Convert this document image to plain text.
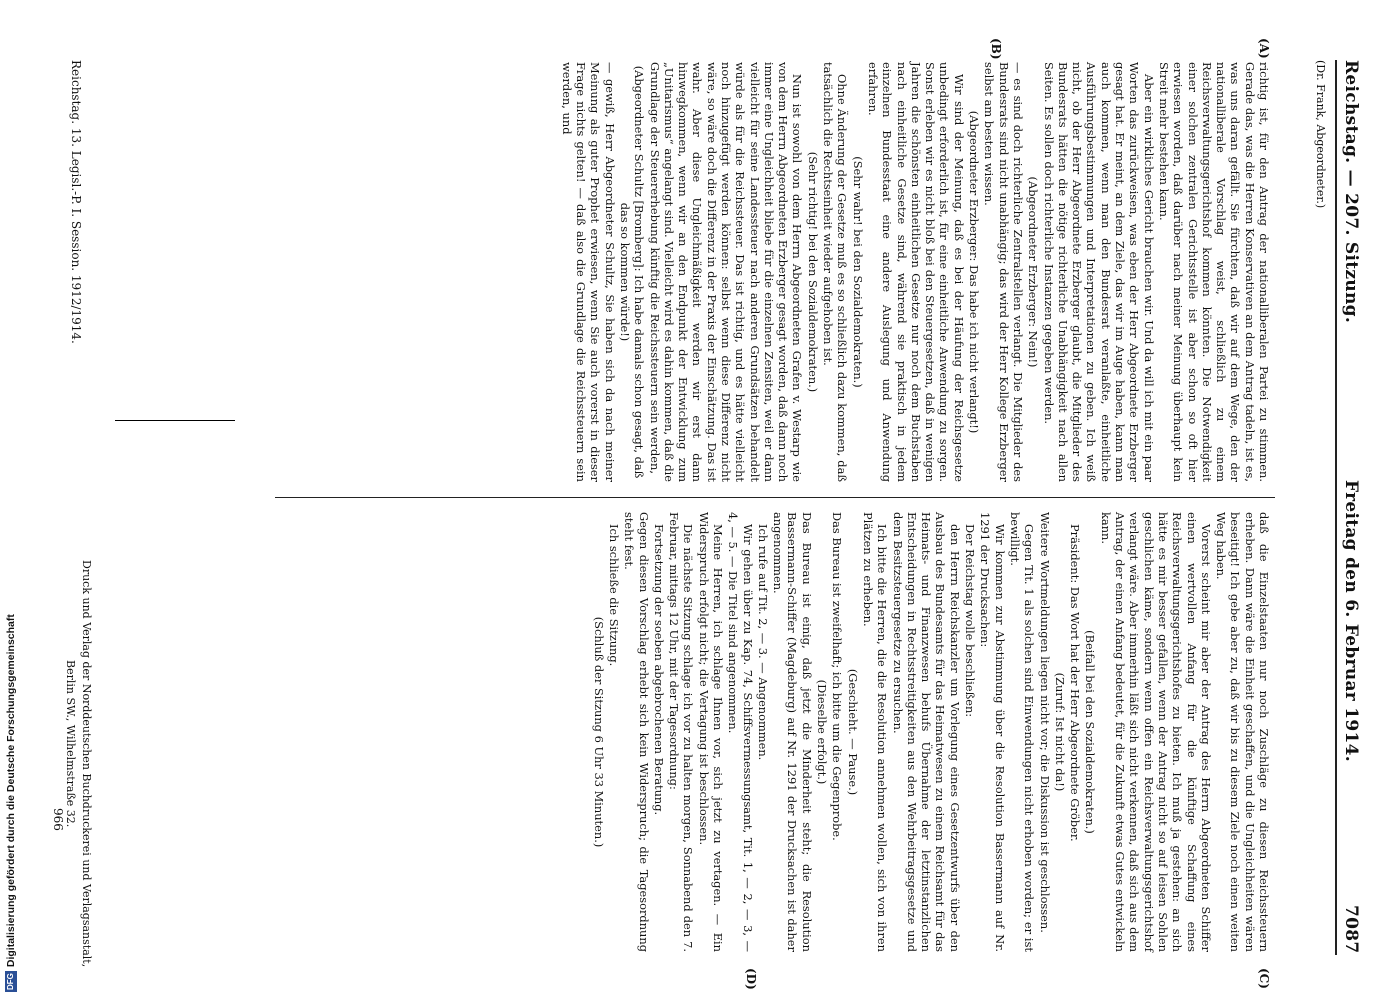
Reichstag. — 207. Sitzung.
Freitag den 6. Februar 1914.
7087
(Dr. Frank, Abgeordneter.)
(A)
(B)
(C)
(D)

richtig ist, für den Antrag der nationalliberalen Partei zu stimmen. Gerade das, was die Herren Konservativen an dem Antrag tadeln, ist es, was uns daran gefällt. Sie fürchten, daß wir auf dem Wege, den der nationalliberale Vorschlag weist, schließlich zu einem Reichsverwaltungsgerichtshof kommen könnten. Die Notwendigkeit einer solchen zentralen Gerichtsstelle ist aber schon so oft hier erwiesen worden, daß darüber nach meiner Meinung überhaupt kein Streit mehr bestehen kann.

Aber ein wirkliches Gericht brauchen wir. Und da will ich mit ein paar Worten das zurückweisen, was eben der Herr Abgeordnete Erzberger gesagt hat. Er meint, an dem Ziele, das wir im Auge haben, kann man auch kommen, wenn man den Bundesrat veranlaßte, einheitliche Ausführungsbestimmungen und Interpretationen zu geben. Ich weiß nicht, ob der Herr Abgeordnete Erzberger glaubt, die Mitglieder des Bundesrats hätten die nötige richterliche Unabhängigkeit nach allen Seiten. Es sollen doch richterliche Instanzen gegeben werden.

(Abgeordneter Erzberger: Nein!)

— es sind doch richterliche Zentralstellen verlangt. Die Mitglieder des Bundesrats sind nicht unabhängig; das wird der Herr Kollege Erzberger selbst am besten wissen.

(Abgeordneter Erzberger: Das habe ich nicht verlangt!)

Wir sind der Meinung, daß es bei der Häufung der Reichsgesetze unbedingt erforderlich ist, für eine einheitliche Anwendung zu sorgen. Sonst erleben wir es nicht bloß bei den Steuergesetzen, daß in wenigen Jahren die schönsten einheitlichen Gesetze nur noch dem Buchstaben nach einheitliche Gesetze sind, während sie praktisch in jedem einzelnen Bundesstaat eine andere Auslegung und Anwendung erfahren.

(Sehr wahr! bei den Sozialdemokraten.)

Ohne Änderung der Gesetze muß es so schließlich dazu kommen, daß tatsächlich die Rechtseinheit wieder aufgehoben ist.

(Sehr richtig! bei den Sozialdemokraten.)

Nun ist sowohl von dem Herrn Abgeordneten Grafen v. Westarp wie von dem Herrn Abgeordneten Erzberger gesagt worden, daß dann noch immer eine Ungleichheit bliebe für die einzelnen Zensiten, weil er dann vielleicht für seine Landessteuer nach anderen Grundsätzen behandelt würde als für die Reichssteuer. Das ist richtig, und es hätte vielleicht noch hinzugefügt werden können: selbst wenn diese Differenz nicht wäre, so wäre doch die Differenz in der Praxis der Einschätzung. Das ist wahr. Aber diese Ungleichmäßigkeit werden wir erst dann hinwegkommen, wenn wir an den Endpunkt der Entwicklung zum „Unitarismus“ angelangt sind. Vielleicht wird es dahin kommen, daß die Grundlage der Steuererhebung künftig die Reichssteuern sein werden,

(Abgeordneter Schultz [Bromberg]: Ich habe damals schon gesagt, daß das so kommen würde!)

— gewiß, Herr Abgeordneter Schultz, Sie haben sich da nach meiner Meinung als guter Prophet erwiesen, wenn Sie auch vorerst in dieser Frage nichts gelten! — daß also die Grundlage die Reichssteuern sein werden, und

daß die Einzelstaaten nur noch Zuschläge zu diesen Reichssteuern erheben. Dann wäre die Einheit geschaffen, und die Ungleichheiten wären beseitigt! Ich gebe aber zu, daß wir bis zu diesem Ziele noch einen weiten Weg haben.

Vorerst scheint mir aber der Antrag des Herrn Abgeordneten Schiffer einen wertvollen Anfang für die künftige Schaffung eines Reichsverwaltungsgerichtshofes zu bieten. Ich muß ja gestehen: an sich hätte es mir besser gefallen, wenn der Antrag nicht so auf leisen Sohlen geschlichen käme, sondern wenn offen ein Reichsverwaltungsgerichtshof verlangt wäre. Aber immerhin läßt sich nicht verkennen, daß sich aus dem Antrag, der einen Anfang bedeutet, für die Zukunft etwas Gutes entwickeln kann.

(Beifall bei den Sozialdemokraten.)

Präsident: Das Wort hat der Herr Abgeordnete Gröber.

(Zuruf: Ist nicht da!)

Weitere Wortmeldungen liegen nicht vor; die Diskussion ist geschlossen.

Gegen Tit. 1 als solchen sind Einwendungen nicht erhoben worden; er ist bewilligt.

Wir kommen zur Abstimmung über die Resolution Bassermann auf Nr. 1291 der Drucksachen:

Der Reichstag wolle beschließen:

den Herrn Reichskanzler um Vorlegung eines Gesetzentwurfs über den Ausbau des Bundesamts für das Heimatwesen zu einem Reichsamt für das Heimats- und Finanzwesen behufs Übernahme der letztinstanzlichen Entscheidungen in Rechtsstreitigkeiten aus den Wehrbeitragsgesetze und dem Besitzsteuergesetze zu ersuchen.

Ich bitte die Herren, die die Resolution annehmen wollen, sich von ihren Plätzen zu erheben.

(Geschieht. — Pause.)

Das Bureau ist zweifelhaft; ich bitte um die Gegenprobe.

(Dieselbe erfolgt.)

Das Bureau ist einig, daß jetzt die Minderheit steht; die Resolution Bassermann-Schiffer (Magdeburg) auf Nr. 1291 der Drucksachen ist daher angenommen.

Ich rufe auf Tit. 2, — 3. — Angenommen.

Wir gehen über zu Kap. 74, Schiffsvermessungsamt, Tit. 1, — 2, — 3, — 4, — 5. — Die Titel sind angenommen.

Meine Herren, ich schlage Ihnen vor, sich jetzt zu vertagen. — Ein Widerspruch erfolgt nicht; die Vertagung ist beschlossen.

Die nächste Sitzung schlage ich vor zu halten morgen, Sonnabend den 7. Februar, mittags 12 Uhr, mit der Tagesordnung:

Fortsetzung der soeben abgebrochenen Beratung.

Gegen diesen Vorschlag erhebt sich kein Widerspruch; die Tagesordnung steht fest.

Ich schließe die Sitzung.

(Schluß der Sitzung 6 Uhr 33 Minuten.)

Reichstag. 13. Legisl.-P. I. Session. 1912/1914.
Druck und Verlag der Norddeutschen Buchdruckerei und Verlagsanstalt,
Berlin SW., Wilhelmstraße 32.
966
DFGDigitalisierung gefördert durch die Deutsche Forschungsgemeinschaft
